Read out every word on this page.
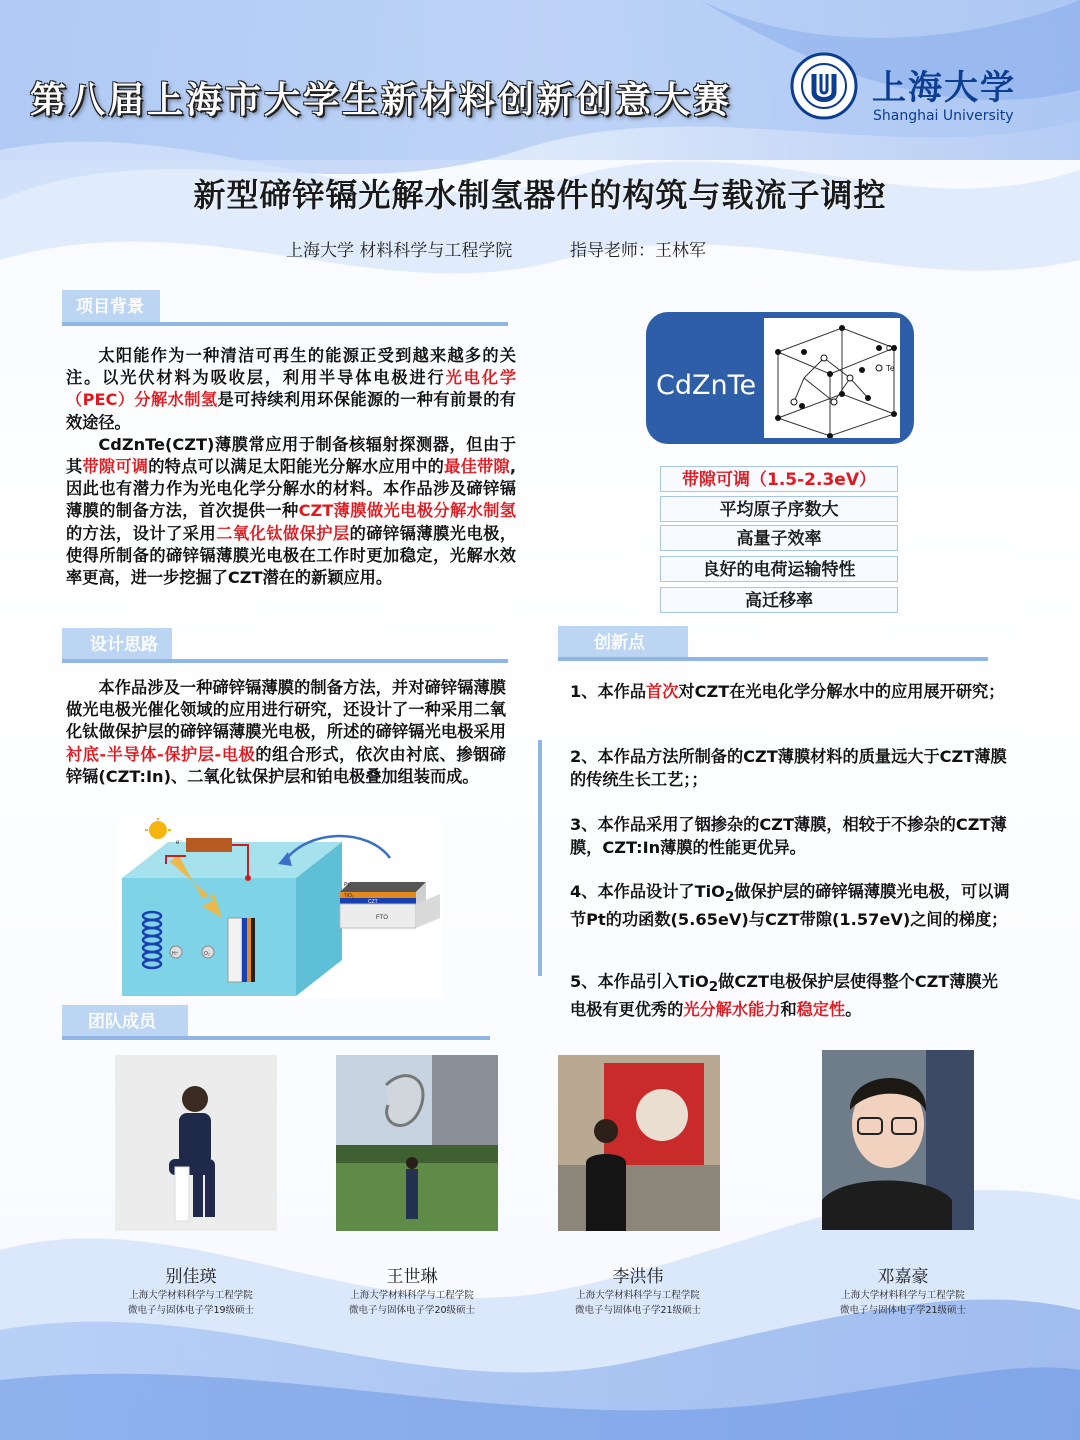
第八届上海市大学生新材料创新创意大赛	上海大学
Shanghai University
新型碲锌镉光解水制氢器件的构筑与载流子调控
上海大学 材料科学与工程学院	指导老师：王林军
项目背景
太阳能作为一种清洁可再生的能源正受到越来越多的关注。以光伏材料为吸收层，利用半导体电极进行光电化学（PEC）分解水制氢是可持续利用环保能源的一种有前景的有效途径。
CdZnTe(CZT)薄膜常应用于制备核辐射探测器，但由于其带隙可调的特点可以满足太阳能光分解水应用中的最佳带隙,因此也有潜力作为光电化学分解水的材料。本作品涉及碲锌镉薄膜的制备方法，首次提供一种CZT薄膜做光电极分解水制氢的方法，设计了采用二氧化钛做保护层的碲锌镉薄膜光电极，使得所制备的碲锌镉薄膜光电极在工作时更加稳定，光解水效率更高，进一步挖掘了CZT潜在的新颖应用。
CdZnTe
Cd
Te
带隙可调（1.5-2.3eV）
平均原子序数大
高量子效率
良好的电荷运输特性
高迁移率
设计思路
本作品涉及一种碲锌镉薄膜的制备方法，并对碲锌镉薄膜做光电极光催化领域的应用进行研究，还设计了一种采用二氧化钛做保护层的碲锌镉薄膜光电极，所述的碲锌镉光电极采用衬底-半导体-保护层-电极的组合形式，依次由衬底、掺铟碲锌镉(CZT:In)、二氧化钛保护层和铂电极叠加组装而成。
e⁻
H⁺	O₂
Pt
TiO₂
CZT
FTO
创新点
1、本作品首次对CZT在光电化学分解水中的应用展开研究；
2、本作品方法所制备的CZT薄膜材料的质量远大于CZT薄膜的传统生长工艺；；
3、本作品采用了铟掺杂的CZT薄膜，相较于不掺杂的CZT薄膜，CZT:In薄膜的性能更优异。
4、本作品设计了TiO$_2$做保护层的碲锌镉薄膜光电极，可以调节Pt的功函数(5.65eV)与CZT带隙(1.57eV)之间的梯度；
5、本作品引入TiO$_2$做CZT电极保护层使得整个CZT薄膜光电极有更优秀的光分解水能力和稳定性。
团队成员
别佳瑛
上海大学材料科学与工程学院
微电子与固体电子学19级硕士
王世琳
上海大学材料科学与工程学院
微电子与固体电子学20级硕士
李洪伟
上海大学材料科学与工程学院
微电子与固体电子学21级硕士
邓嘉豪
上海大学材料科学与工程学院
微电子与固体电子学21级硕士
